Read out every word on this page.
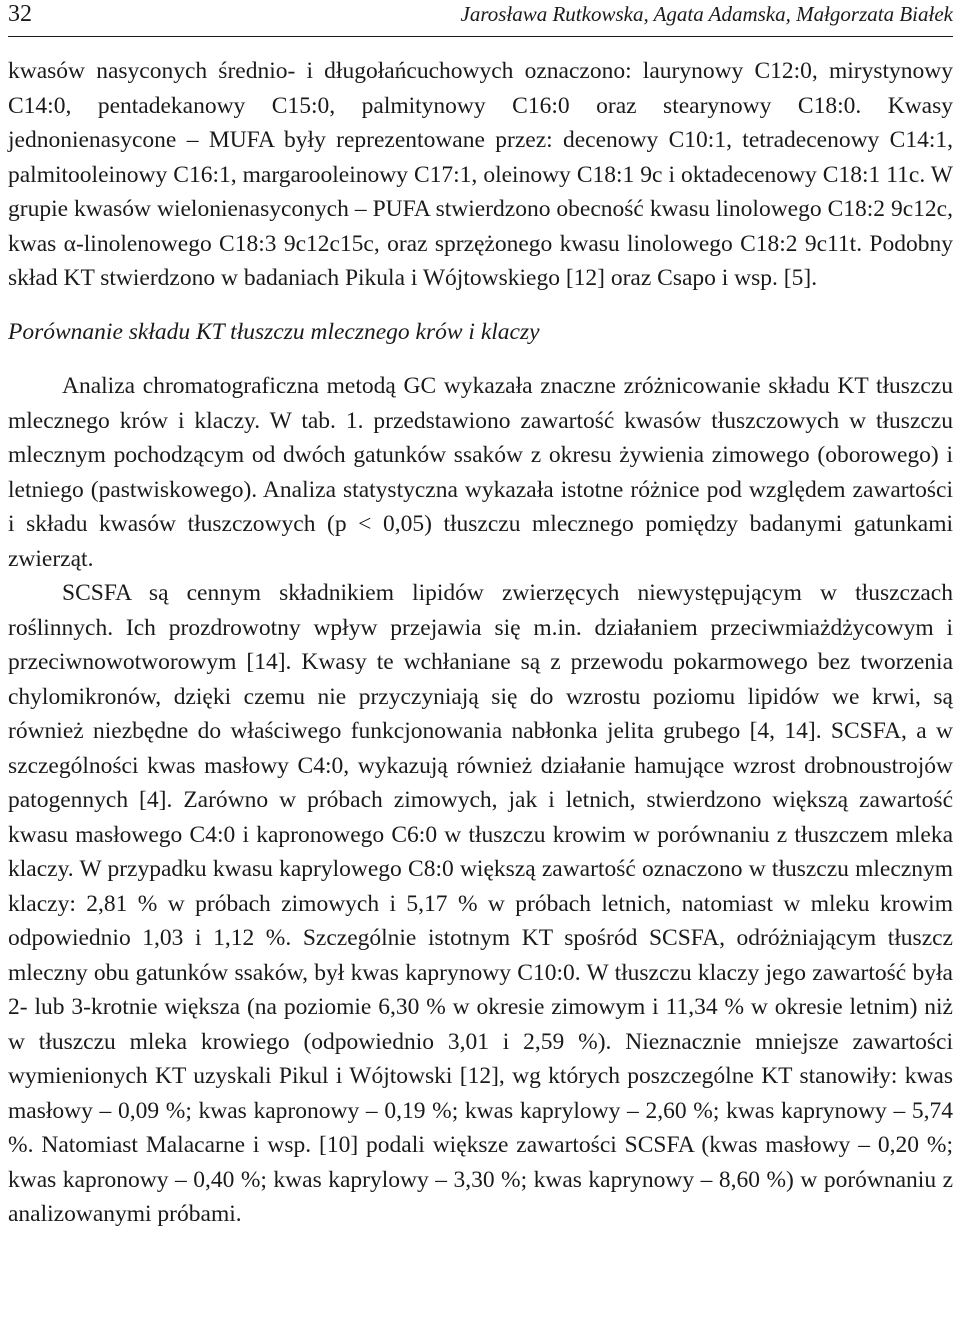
32	Jarosława Rutkowska, Agata Adamska, Małgorzata Białek

kwasów nasyconych średnio- i długołańcuchowych oznaczono: laurynowy C12:0, mirystynowy C14:0, pentadekanowy C15:0, palmitynowy C16:0 oraz stearynowy C18:0. Kwasy jednonienasycone – MUFA były reprezentowane przez: decenowy C10:1, tetradecenowy C14:1, palmitooleinowy C16:1, margarooleinowy C17:1, oleinowy C18:1 9c i oktadecenowy C18:1 11c. W grupie kwasów wielonienasyconych – PUFA stwierdzono obecność kwasu linolowego C18:2 9c12c, kwas α-linolenowego C18:3 9c12c15c, oraz sprzężonego kwasu linolowego C18:2 9c11t. Podobny skład KT stwierdzono w badaniach Pikula i Wójtowskiego [12] oraz Csapo i wsp. [5].

Porównanie składu KT tłuszczu mlecznego krów i klaczy

Analiza chromatograficzna metodą GC wykazała znaczne zróżnicowanie składu KT tłuszczu mlecznego krów i klaczy. W tab. 1. przedstawiono zawartość kwasów tłuszczowych w tłuszczu mlecznym pochodzącym od dwóch gatunków ssaków z okresu żywienia zimowego (oborowego) i letniego (pastwiskowego). Analiza statystyczna wykazała istotne różnice pod względem zawartości i składu kwasów tłuszczowych (p < 0,05) tłuszczu mlecznego pomiędzy badanymi gatunkami zwierząt.

SCSFA są cennym składnikiem lipidów zwierzęcych niewystępującym w tłuszczach roślinnych. Ich prozdrowotny wpływ przejawia się m.in. działaniem przeciwmiażdżycowym i przeciwnowotworowym [14]. Kwasy te wchłaniane są z przewodu pokarmowego bez tworzenia chylomikronów, dzięki czemu nie przyczyniają się do wzrostu poziomu lipidów we krwi, są również niezbędne do właściwego funkcjonowania nabłonka jelita grubego [4, 14]. SCSFA, a w szczególności kwas masłowy C4:0, wykazują również działanie hamujące wzrost drobnoustrojów patogennych [4]. Zarówno w próbach zimowych, jak i letnich, stwierdzono większą zawartość kwasu masłowego C4:0 i kapronowego C6:0 w tłuszczu krowim w porównaniu z tłuszczem mleka klaczy. W przypadku kwasu kaprylowego C8:0 większą zawartość oznaczono w tłuszczu mlecznym klaczy: 2,81 % w próbach zimowych i 5,17 % w próbach letnich, natomiast w mleku krowim odpowiednio 1,03 i 1,12 %. Szczególnie istotnym KT spośród SCSFA, odróżniającym tłuszcz mleczny obu gatunków ssaków, był kwas kaprynowy C10:0. W tłuszczu klaczy jego zawartość była 2- lub 3-krotnie większa (na poziomie 6,30 % w okresie zimowym i 11,34 % w okresie letnim) niż w tłuszczu mleka krowiego (odpowiednio 3,01 i 2,59 %). Nieznacznie mniejsze zawartości wymienionych KT uzyskali Pikul i Wójtowski [12], wg których poszczególne KT stanowiły: kwas masłowy – 0,09 %; kwas kapronowy – 0,19 %; kwas kaprylowy – 2,60 %; kwas kaprynowy – 5,74 %. Natomiast Malacarne i wsp. [10] podali większe zawartości SCSFA (kwas masłowy – 0,20 %; kwas kapronowy – 0,40 %; kwas kaprylowy – 3,30 %; kwas kaprynowy – 8,60 %) w porównaniu z analizowanymi próbami.
